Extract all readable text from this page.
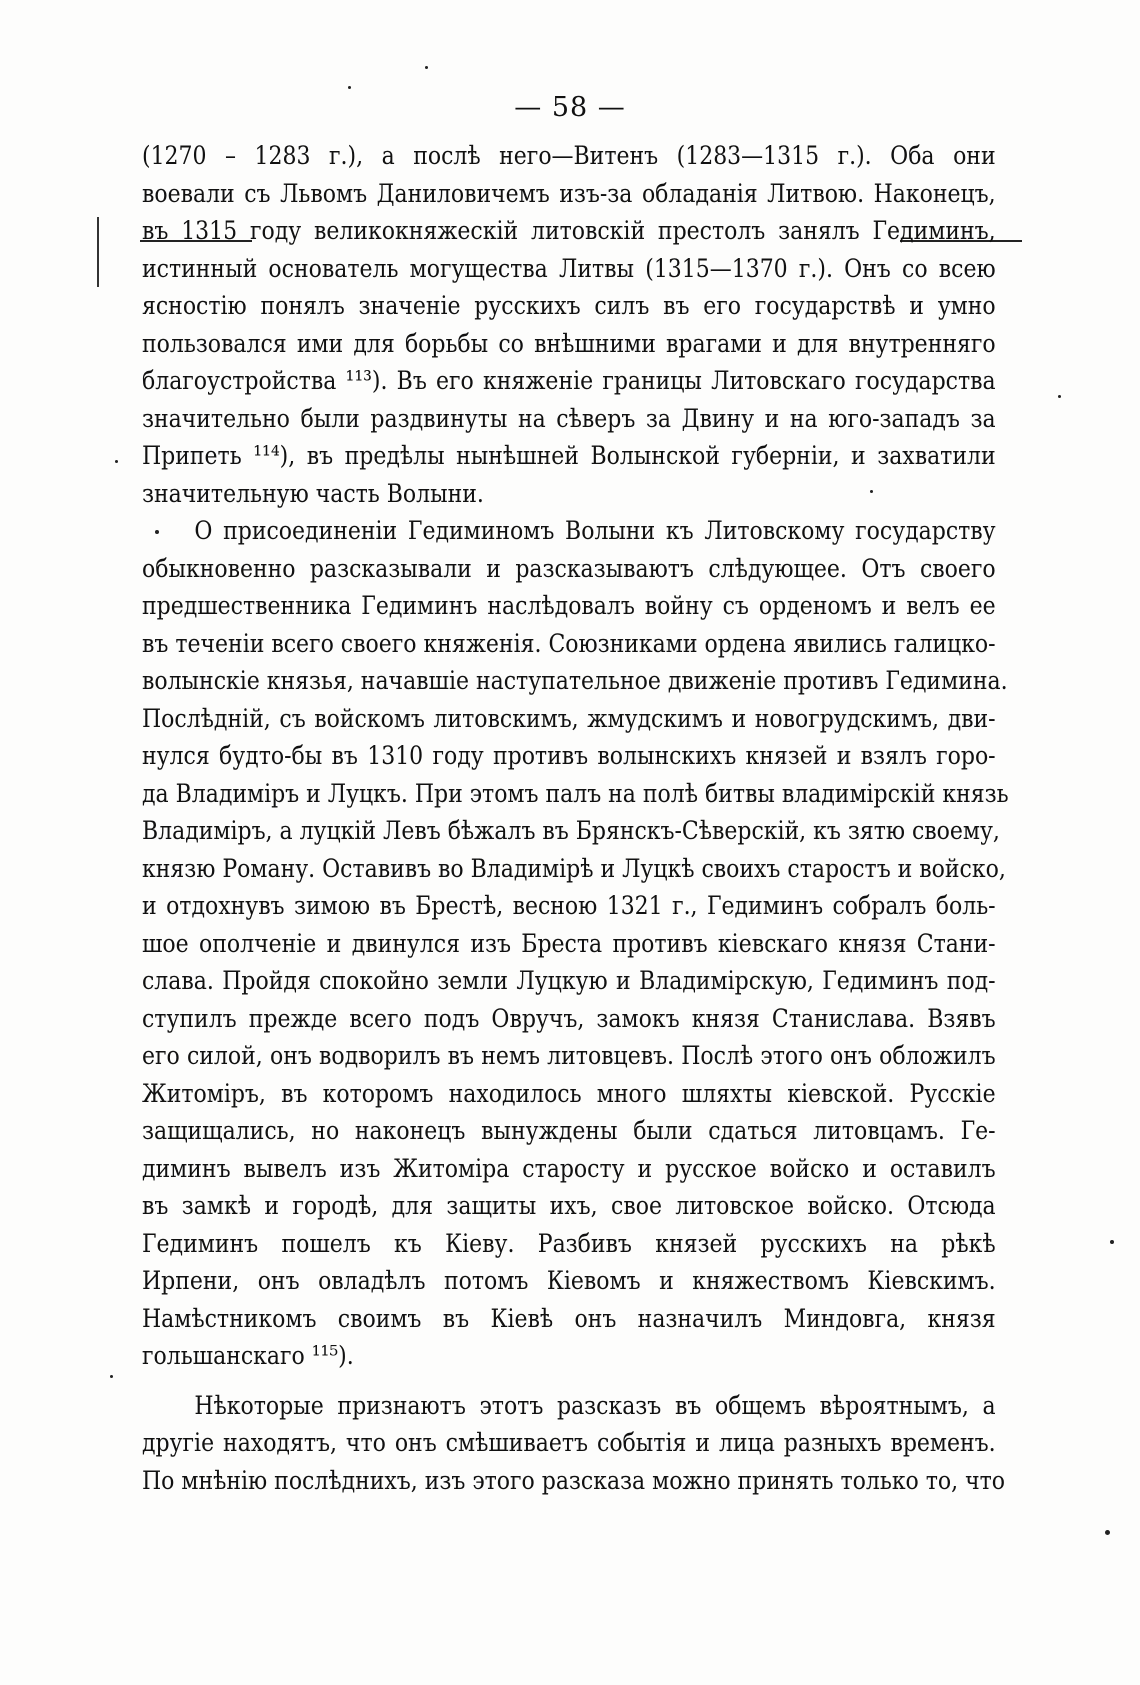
— 58 —
(1270 – 1283 г.), а послѣ него—Витенъ (1283—1315 г.). Оба они
воевали съ Львомъ Даниловичемъ изъ-за обладанія Литвою. Наконецъ,
въ 1315 году великокняжескій литовскій престолъ занялъ Гедиминъ,
истинный основатель могущества Литвы (1315—1370 г.). Онъ со всею
ясностію понялъ значеніе русскихъ силъ въ его государствѣ и умно
пользовался ими для борьбы со внѣшними врагами и для внутренняго
благоустройства ¹¹³). Въ его княженіе границы Литовскаго государства
значительно были раздвинуты на сѣверъ за Двину и на юго-западъ за
Припеть ¹¹⁴), въ предѣлы нынѣшней Волынской губерніи, и захватили
значительную часть Волыни.
О присоединеніи Гедиминомъ Волыни къ Литовскому государству
обыкновенно разсказывали и разсказываютъ слѣдующее. Отъ своего
предшественника Гедиминъ наслѣдовалъ войну съ орденомъ и велъ ее
въ теченіи всего своего княженія. Союзниками ордена явились галицко-
волынскіе князья, начавшіе наступательное движеніе противъ Гедимина.
Послѣдній, съ войскомъ литовскимъ, жмудскимъ и новогрудскимъ, дви-
нулся будто-бы въ 1310 году противъ волынскихъ князей и взялъ горо-
да Владиміръ и Луцкъ. При этомъ палъ на полѣ битвы владимірскій князь
Владиміръ, а луцкій Левъ бѣжалъ въ Брянскъ-Сѣверскій, къ зятю своему,
князю Роману. Оставивъ во Владимірѣ и Луцкѣ своихъ старостъ и войско,
и отдохнувъ зимою въ Брестѣ, весною 1321 г., Гедиминъ собралъ боль-
шое ополченіе и двинулся изъ Бреста противъ кіевскаго князя Стани-
слава. Пройдя спокойно земли Луцкую и Владимірскую, Гедиминъ под-
ступилъ прежде всего подъ Овручъ, замокъ князя Станислава. Взявъ
его силой, онъ водворилъ въ немъ литовцевъ. Послѣ этого онъ обложилъ
Житоміръ, въ которомъ находилось много шляхты кіевской. Русскіе
защищались, но наконецъ вынуждены были сдаться литовцамъ. Ге-
диминъ вывелъ изъ Житоміра старосту и русское войско и оставилъ
въ замкѣ и городѣ, для защиты ихъ, свое литовское войско. Отсюда
Гедиминъ пошелъ къ Кіеву. Разбивъ князей русскихъ на рѣкѣ
Ирпени, онъ овладѣлъ потомъ Кіевомъ и княжествомъ Кіевскимъ.
Намѣстникомъ своимъ въ Кіевѣ онъ назначилъ Миндовга, князя
гольшанскаго ¹¹⁵).
Нѣкоторые признаютъ этотъ разсказъ въ общемъ вѣроятнымъ, а
другіе находятъ, что онъ смѣшиваетъ событія и лица разныхъ временъ.
По мнѣнію послѣднихъ, изъ этого разсказа можно принять только то, что
